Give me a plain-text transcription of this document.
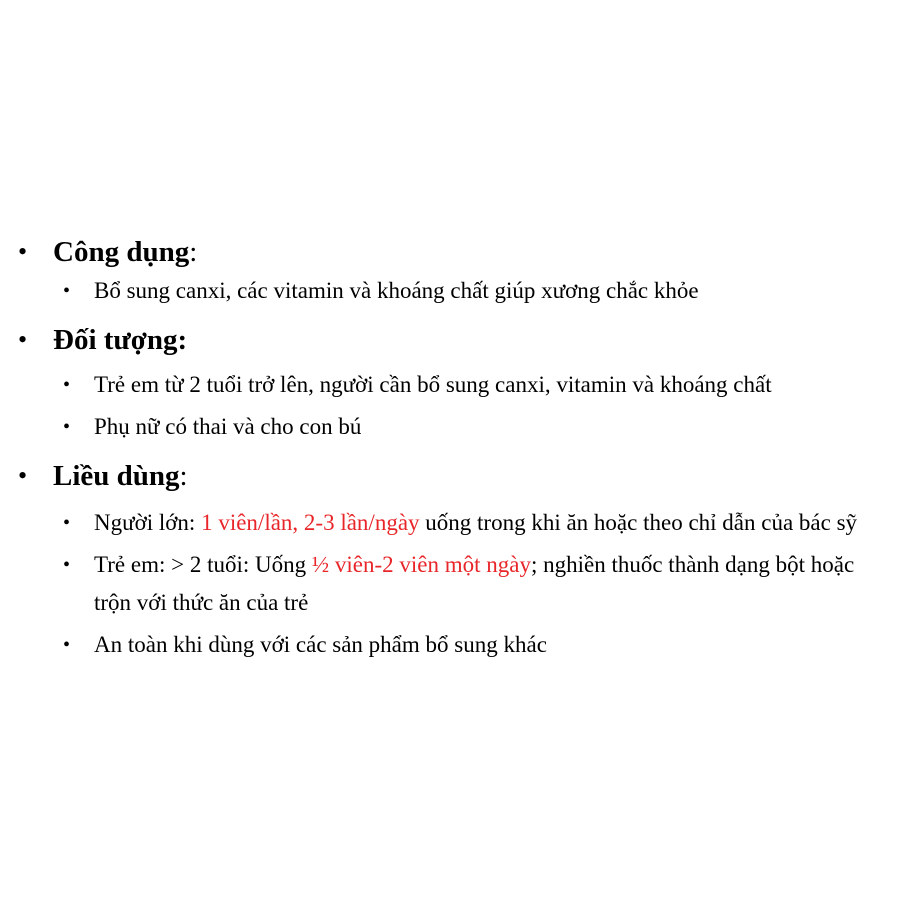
• Công dụng:
• Bổ sung canxi, các vitamin và khoáng chất giúp xương chắc khỏe
• Đối tượng:
• Trẻ em từ 2 tuổi trở lên, người cần bổ sung canxi, vitamin và khoáng chất
• Phụ nữ có thai và cho con bú
• Liều dùng:
• Người lớn: 1 viên/lần, 2-3 lần/ngày uống trong khi ăn hoặc theo chỉ dẫn của bác sỹ
• Trẻ em: > 2 tuổi: Uống ½ viên-2 viên một ngày; nghiền thuốc thành dạng bột hoặc trộn với thức ăn của trẻ
• An toàn khi dùng với các sản phẩm bổ sung khác
